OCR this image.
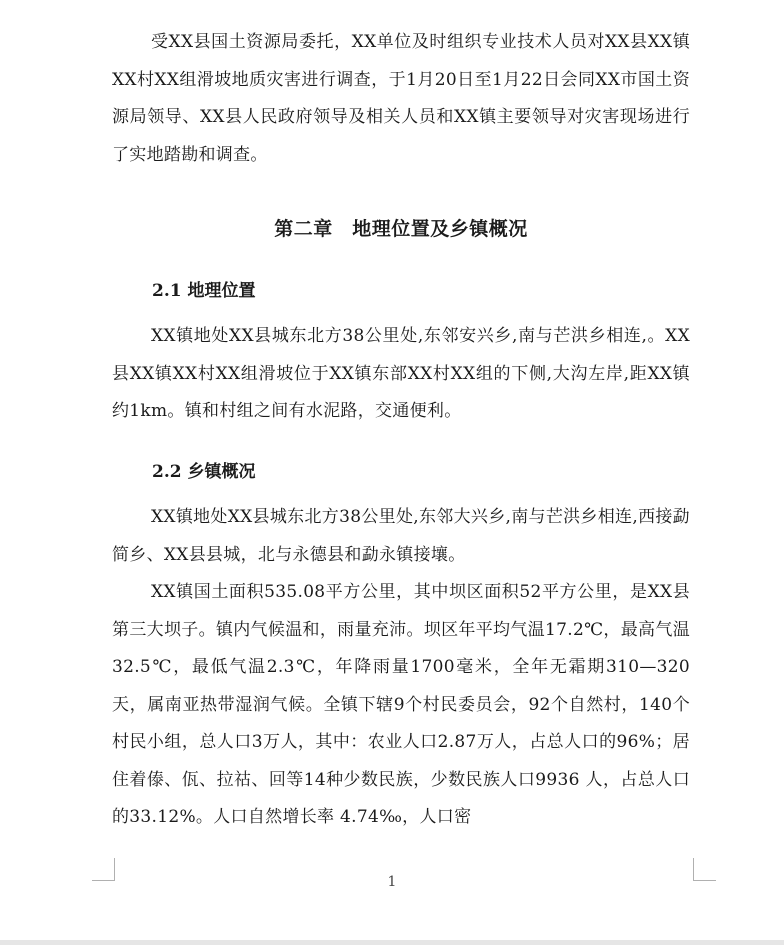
受XX县国土资源局委托，XX单位及时组织专业技术人员对XX县XX镇XX村XX组滑坡地质灾害进行调查，于1月20日至1月22日会同XX市国土资源局领导、XX县人民政府领导及相关人员和XX镇主要领导对灾害现场进行了实地踏勘和调查。

第二章　地理位置及乡镇概况
2.1 地理位置

XX镇地处XX县城东北方38公里处,东邻安兴乡,南与芒洪乡相连,。XX县XX镇XX村XX组滑坡位于XX镇东部XX村XX组的下侧,大沟左岸,距XX镇约1km。镇和村组之间有水泥路，交通便利。

2.2 乡镇概况

XX镇地处XX县城东北方38公里处,东邻大兴乡,南与芒洪乡相连,西接勐简乡、XX县县城，北与永德县和勐永镇接壤。

XX镇国土面积535.08平方公里，其中坝区面积52平方公里，是XX县第三大坝子。镇内气候温和，雨量充沛。坝区年平均气温17.2℃，最高气温32.5℃，最低气温2.3℃，年降雨量1700毫米，全年无霜期310—320天，属南亚热带湿润气候。全镇下辖9个村民委员会，92个自然村，140个村民小组，总人口3万人，其中：农业人口2.87万人，占总人口的96%；居住着傣、佤、拉祜、回等14种少数民族，少数民族人口9936 人，占总人口的33.12%。人口自然增长率 4.74‰，人口密

1
